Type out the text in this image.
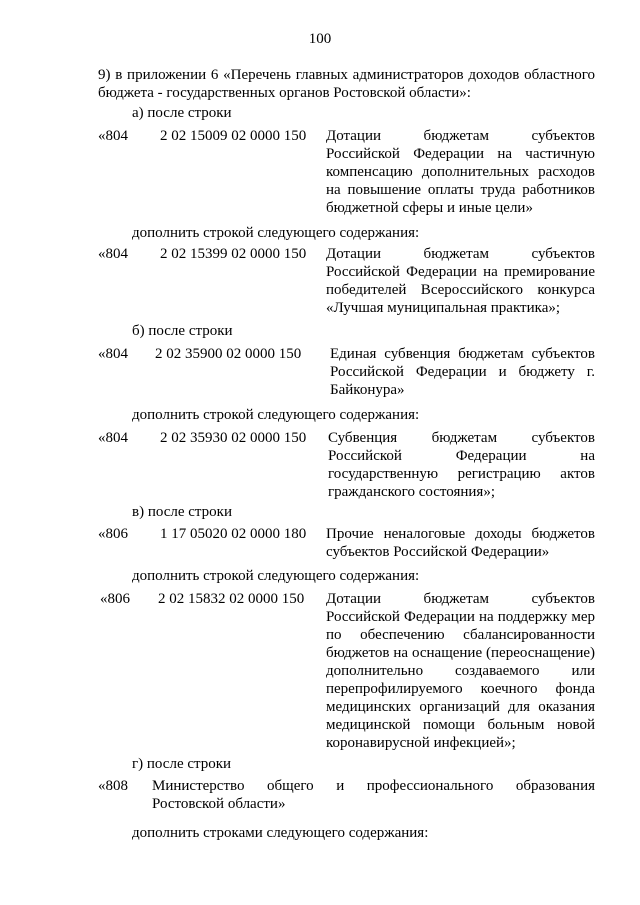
100
9) в приложении 6 «Перечень главных администраторов доходов областного бюджета - государственных органов Ростовской области»:
а) после строки
«804 2 02 15009 02 0000 150 Дотации бюджетам субъектов Российской Федерации на частичную компенсацию дополнительных расходов на повышение оплаты труда работников бюджетной сферы и иные цели»
дополнить строкой следующего содержания:
«804 2 02 15399 02 0000 150 Дотации бюджетам субъектов Российской Федерации на премирование победителей Всероссийского конкурса «Лучшая муниципальная практика»;
б) после строки
«804 2 02 35900 02 0000 150 Единая субвенция бюджетам субъектов Российской Федерации и бюджету г. Байконура»
дополнить строкой следующего содержания:
«804 2 02 35930 02 0000 150 Субвенция бюджетам субъектов Российской Федерации на государственную регистрацию актов гражданского состояния»;
в) после строки
«806 1 17 05020 02 0000 180 Прочие неналоговые доходы бюджетов субъектов Российской Федерации»
дополнить строкой следующего содержания:
«806 2 02 15832 02 0000 150 Дотации бюджетам субъектов Российской Федерации на поддержку мер по обеспечению сбалансированности бюджетов на оснащение (переоснащение) дополнительно создаваемого или перепрофилируемого коечного фонда медицинских организаций для оказания медицинской помощи больным новой коронавирусной инфекцией»;
г) после строки
«808 Министерство общего и профессионального образования Ростовской области»
дополнить строками следующего содержания:
